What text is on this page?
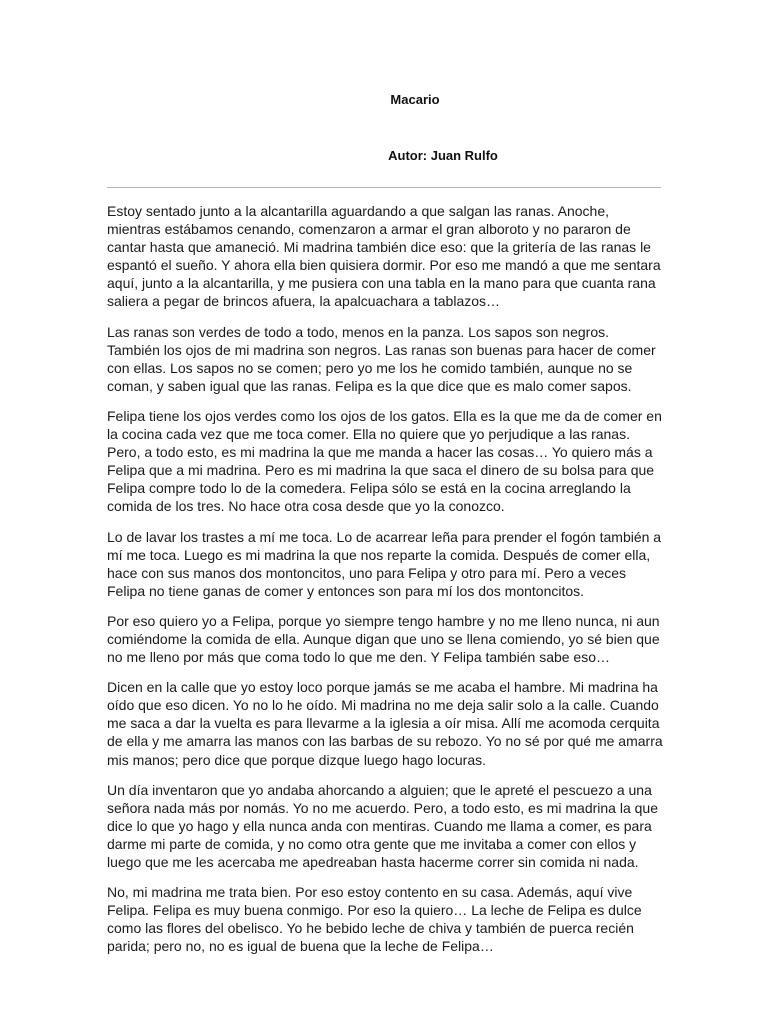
Macario
Autor: Juan Rulfo

Estoy sentado junto a la alcantarilla aguardando a que salgan las ranas. Anoche, mientras estábamos cenando, comenzaron a armar el gran alboroto y no pararon de cantar hasta que amaneció. Mi madrina también dice eso: que la gritería de las ranas le espantó el sueño. Y ahora ella bien quisiera dormir. Por eso me mandó a que me sentara aquí, junto a la alcantarilla, y me pusiera con una tabla en la mano para que cuanta rana saliera a pegar de brincos afuera, la apalcuachara a tablazos…

Las ranas son verdes de todo a todo, menos en la panza. Los sapos son negros. También los ojos de mi madrina son negros. Las ranas son buenas para hacer de comer con ellas. Los sapos no se comen; pero yo me los he comido también, aunque no se coman, y saben igual que las ranas. Felipa es la que dice que es malo comer sapos.

Felipa tiene los ojos verdes como los ojos de los gatos. Ella es la que me da de comer en la cocina cada vez que me toca comer. Ella no quiere que yo perjudique a las ranas. Pero, a todo esto, es mi madrina la que me manda a hacer las cosas… Yo quiero más a Felipa que a mi madrina. Pero es mi madrina la que saca el dinero de su bolsa para que Felipa compre todo lo de la comedera. Felipa sólo se está en la cocina arreglando la comida de los tres. No hace otra cosa desde que yo la conozco.

Lo de lavar los trastes a mí me toca. Lo de acarrear leña para prender el fogón también a mí me toca. Luego es mi madrina la que nos reparte la comida. Después de comer ella, hace con sus manos dos montoncitos, uno para Felipa y otro para mí. Pero a veces Felipa no tiene ganas de comer y entonces son para mí los dos montoncitos.

Por eso quiero yo a Felipa, porque yo siempre tengo hambre y no me lleno nunca, ni aun comiéndome la comida de ella. Aunque digan que uno se llena comiendo, yo sé bien que no me lleno por más que coma todo lo que me den. Y Felipa también sabe eso…

Dicen en la calle que yo estoy loco porque jamás se me acaba el hambre. Mi madrina ha oído que eso dicen. Yo no lo he oído. Mi madrina no me deja salir solo a la calle. Cuando me saca a dar la vuelta es para llevarme a la iglesia a oír misa. Allí me acomoda cerquita de ella y me amarra las manos con las barbas de su rebozo. Yo no sé por qué me amarra mis manos; pero dice que porque dizque luego hago locuras.

Un día inventaron que yo andaba ahorcando a alguien; que le apreté el pescuezo a una señora nada más por nomás. Yo no me acuerdo. Pero, a todo esto, es mi madrina la que dice lo que yo hago y ella nunca anda con mentiras. Cuando me llama a comer, es para darme mi parte de comida, y no como otra gente que me invitaba a comer con ellos y luego que me les acercaba me apedreaban hasta hacerme correr sin comida ni nada.

No, mi madrina me trata bien. Por eso estoy contento en su casa. Además, aquí vive Felipa. Felipa es muy buena conmigo. Por eso la quiero… La leche de Felipa es dulce como las flores del obelisco. Yo he bebido leche de chiva y también de puerca recién parida; pero no, no es igual de buena que la leche de Felipa…
